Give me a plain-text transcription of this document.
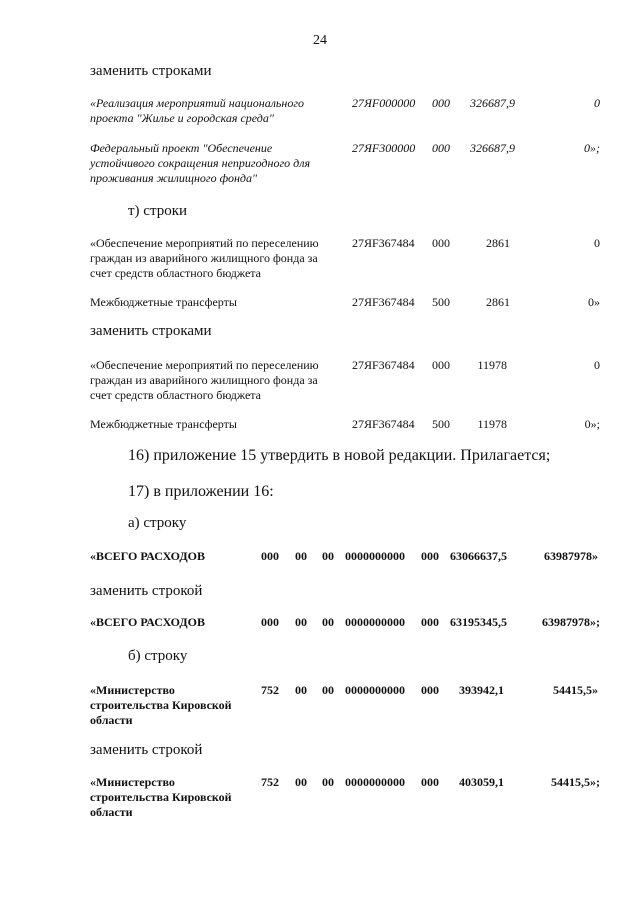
24
заменить строками
«Реализация мероприятий национального проекта "Жилье и городская среда"
27ЯF000000 000	326687,9	0
Федеральный проект "Обеспечение устойчивого сокращения непригодного для проживания жилищного фонда"
27ЯF300000 000	326687,9	0»;
т) строки
«Обеспечение мероприятий по переселению граждан из аварийного жилищного фонда за счет средств областного бюджета
27ЯF367484 000	2861	0
Межбюджетные трансферты	27ЯF367484 500	2861	0»
заменить строками
«Обеспечение мероприятий по переселению граждан из аварийного жилищного фонда за счет средств областного бюджета
27ЯF367484 000	11978	0
Межбюджетные трансферты	27ЯF367484 500	11978	0»;
16) приложение 15 утвердить в новой редакции. Прилагается;
17) в приложении 16:
а) строку
«ВСЕГО РАСХОДОВ	000 00 00 0000000000 000 63066637,5	63987978»
заменить строкой
«ВСЕГО РАСХОДОВ	000 00 00 0000000000 000 63195345,5	63987978»;
б) строку
«Министерство строительства Кировской области
752 00 00 0000000000 000 393942,1	54415,5»
заменить строкой
«Министерство строительства Кировской области
752 00 00 0000000000 000 403059,1	54415,5»;
